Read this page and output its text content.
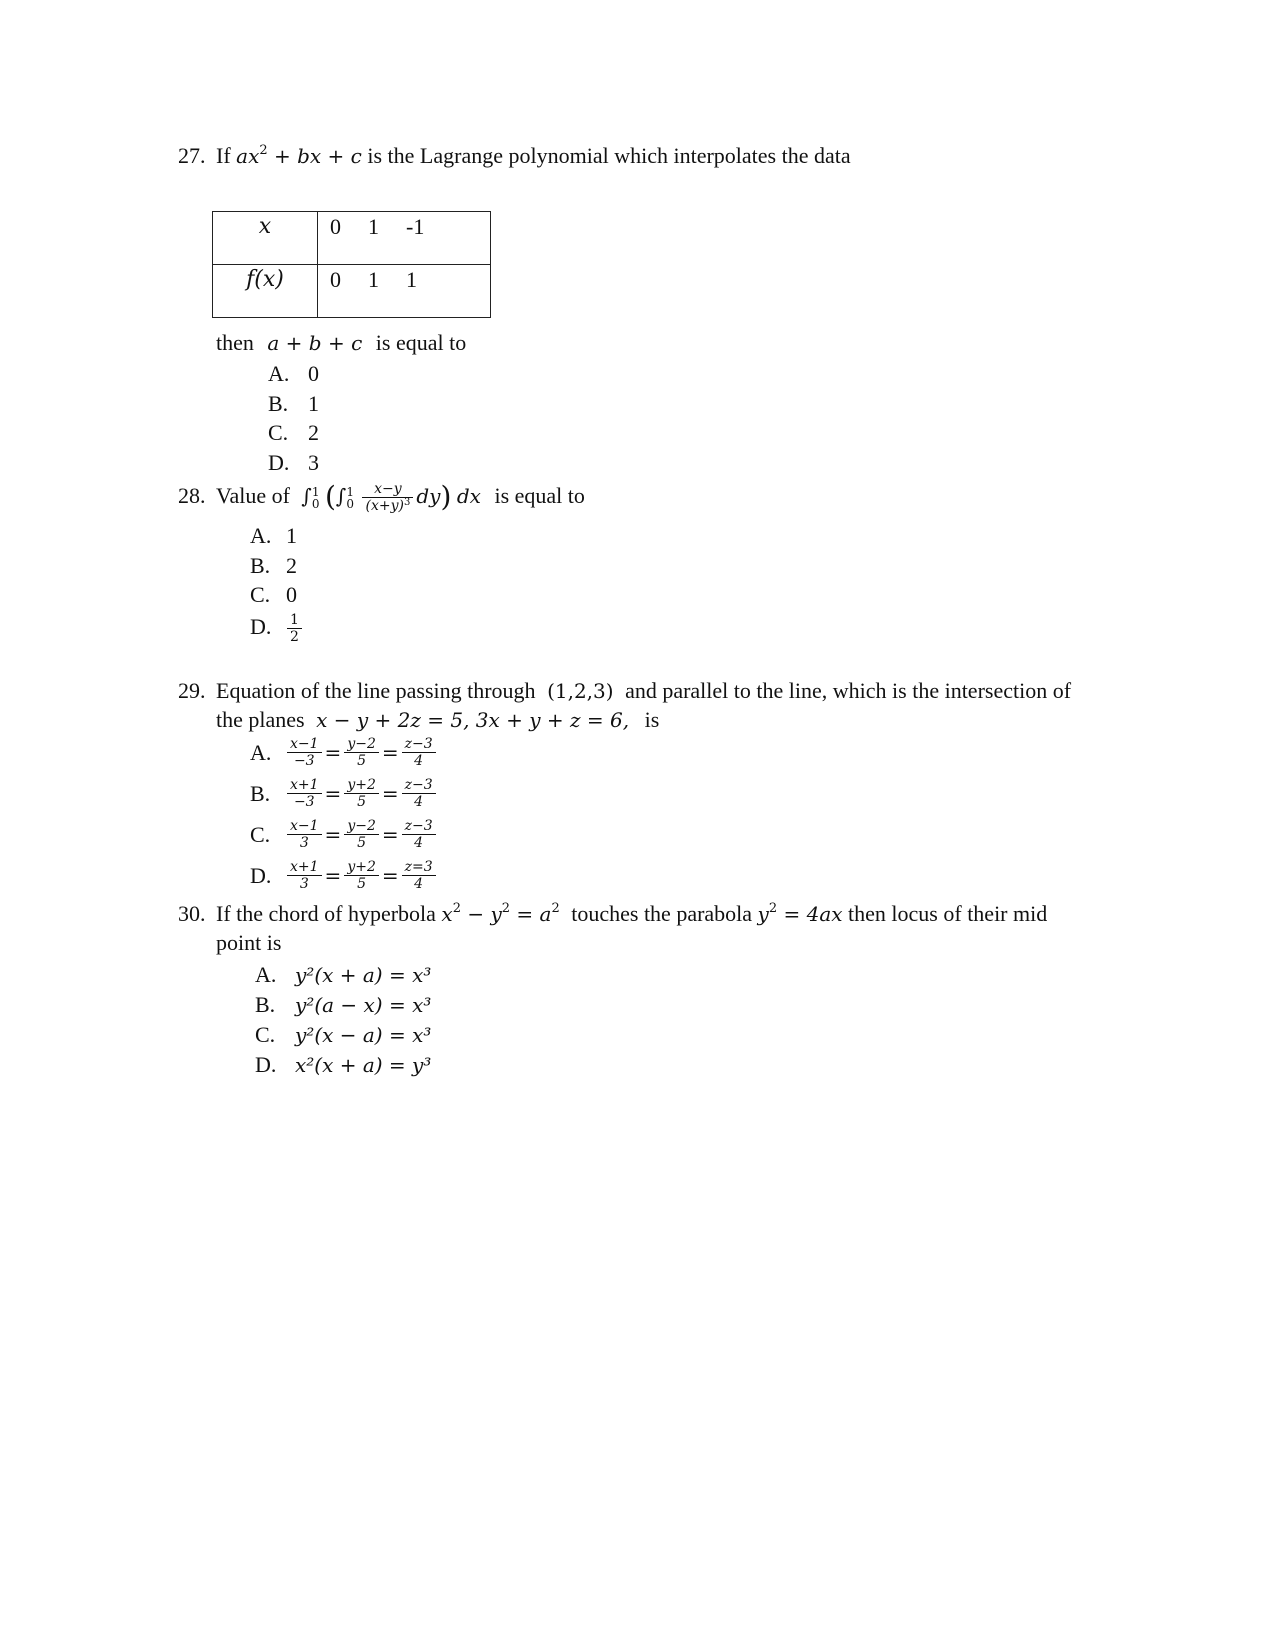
27. If $ax^2$ + bx + c is the Lagrange polynomial which interpolates the data
x	0 1 -1
f(x)	0 1 1
then a + b + c is equal to
A. 0
B. 1
C. 2
D. 3
28. Value of ∫ 1
0 (∫ 1
0
$\frac{x-y}{(x+y)^3} dy$) dx is equal to
A. 1
B. 2
C. 0
D. $\frac{1}{2}$
29. Equation of the line passing through (1,2,3) and parallel to the line, which is the intersection of
the planes x − y + 2z = 5, 3x + y + z = 6, is
A. $\frac{x-1}{-3} = \frac{y-2}{5} = \frac{z-3}{4}$
B. $\frac{x+1}{-3} = \frac{y+2}{5} = \frac{z-3}{4}$
C. $\frac{x-1}{3} = \frac{y-2}{5} = \frac{z-3}{4}$
D. $\frac{x+1}{3} = \frac{y+2}{5} = \frac{z=3}{4}$
30. If the chord of hyperbola $x^2 - y^2 = a^2$ touches the parabola $y^2 = 4ax$ then locus of their mid
point is
A. y²(x + a) = x³
B. y²(a − x) = x³
C. y²(x − a) = x³
D. x²(x + a) = y³
